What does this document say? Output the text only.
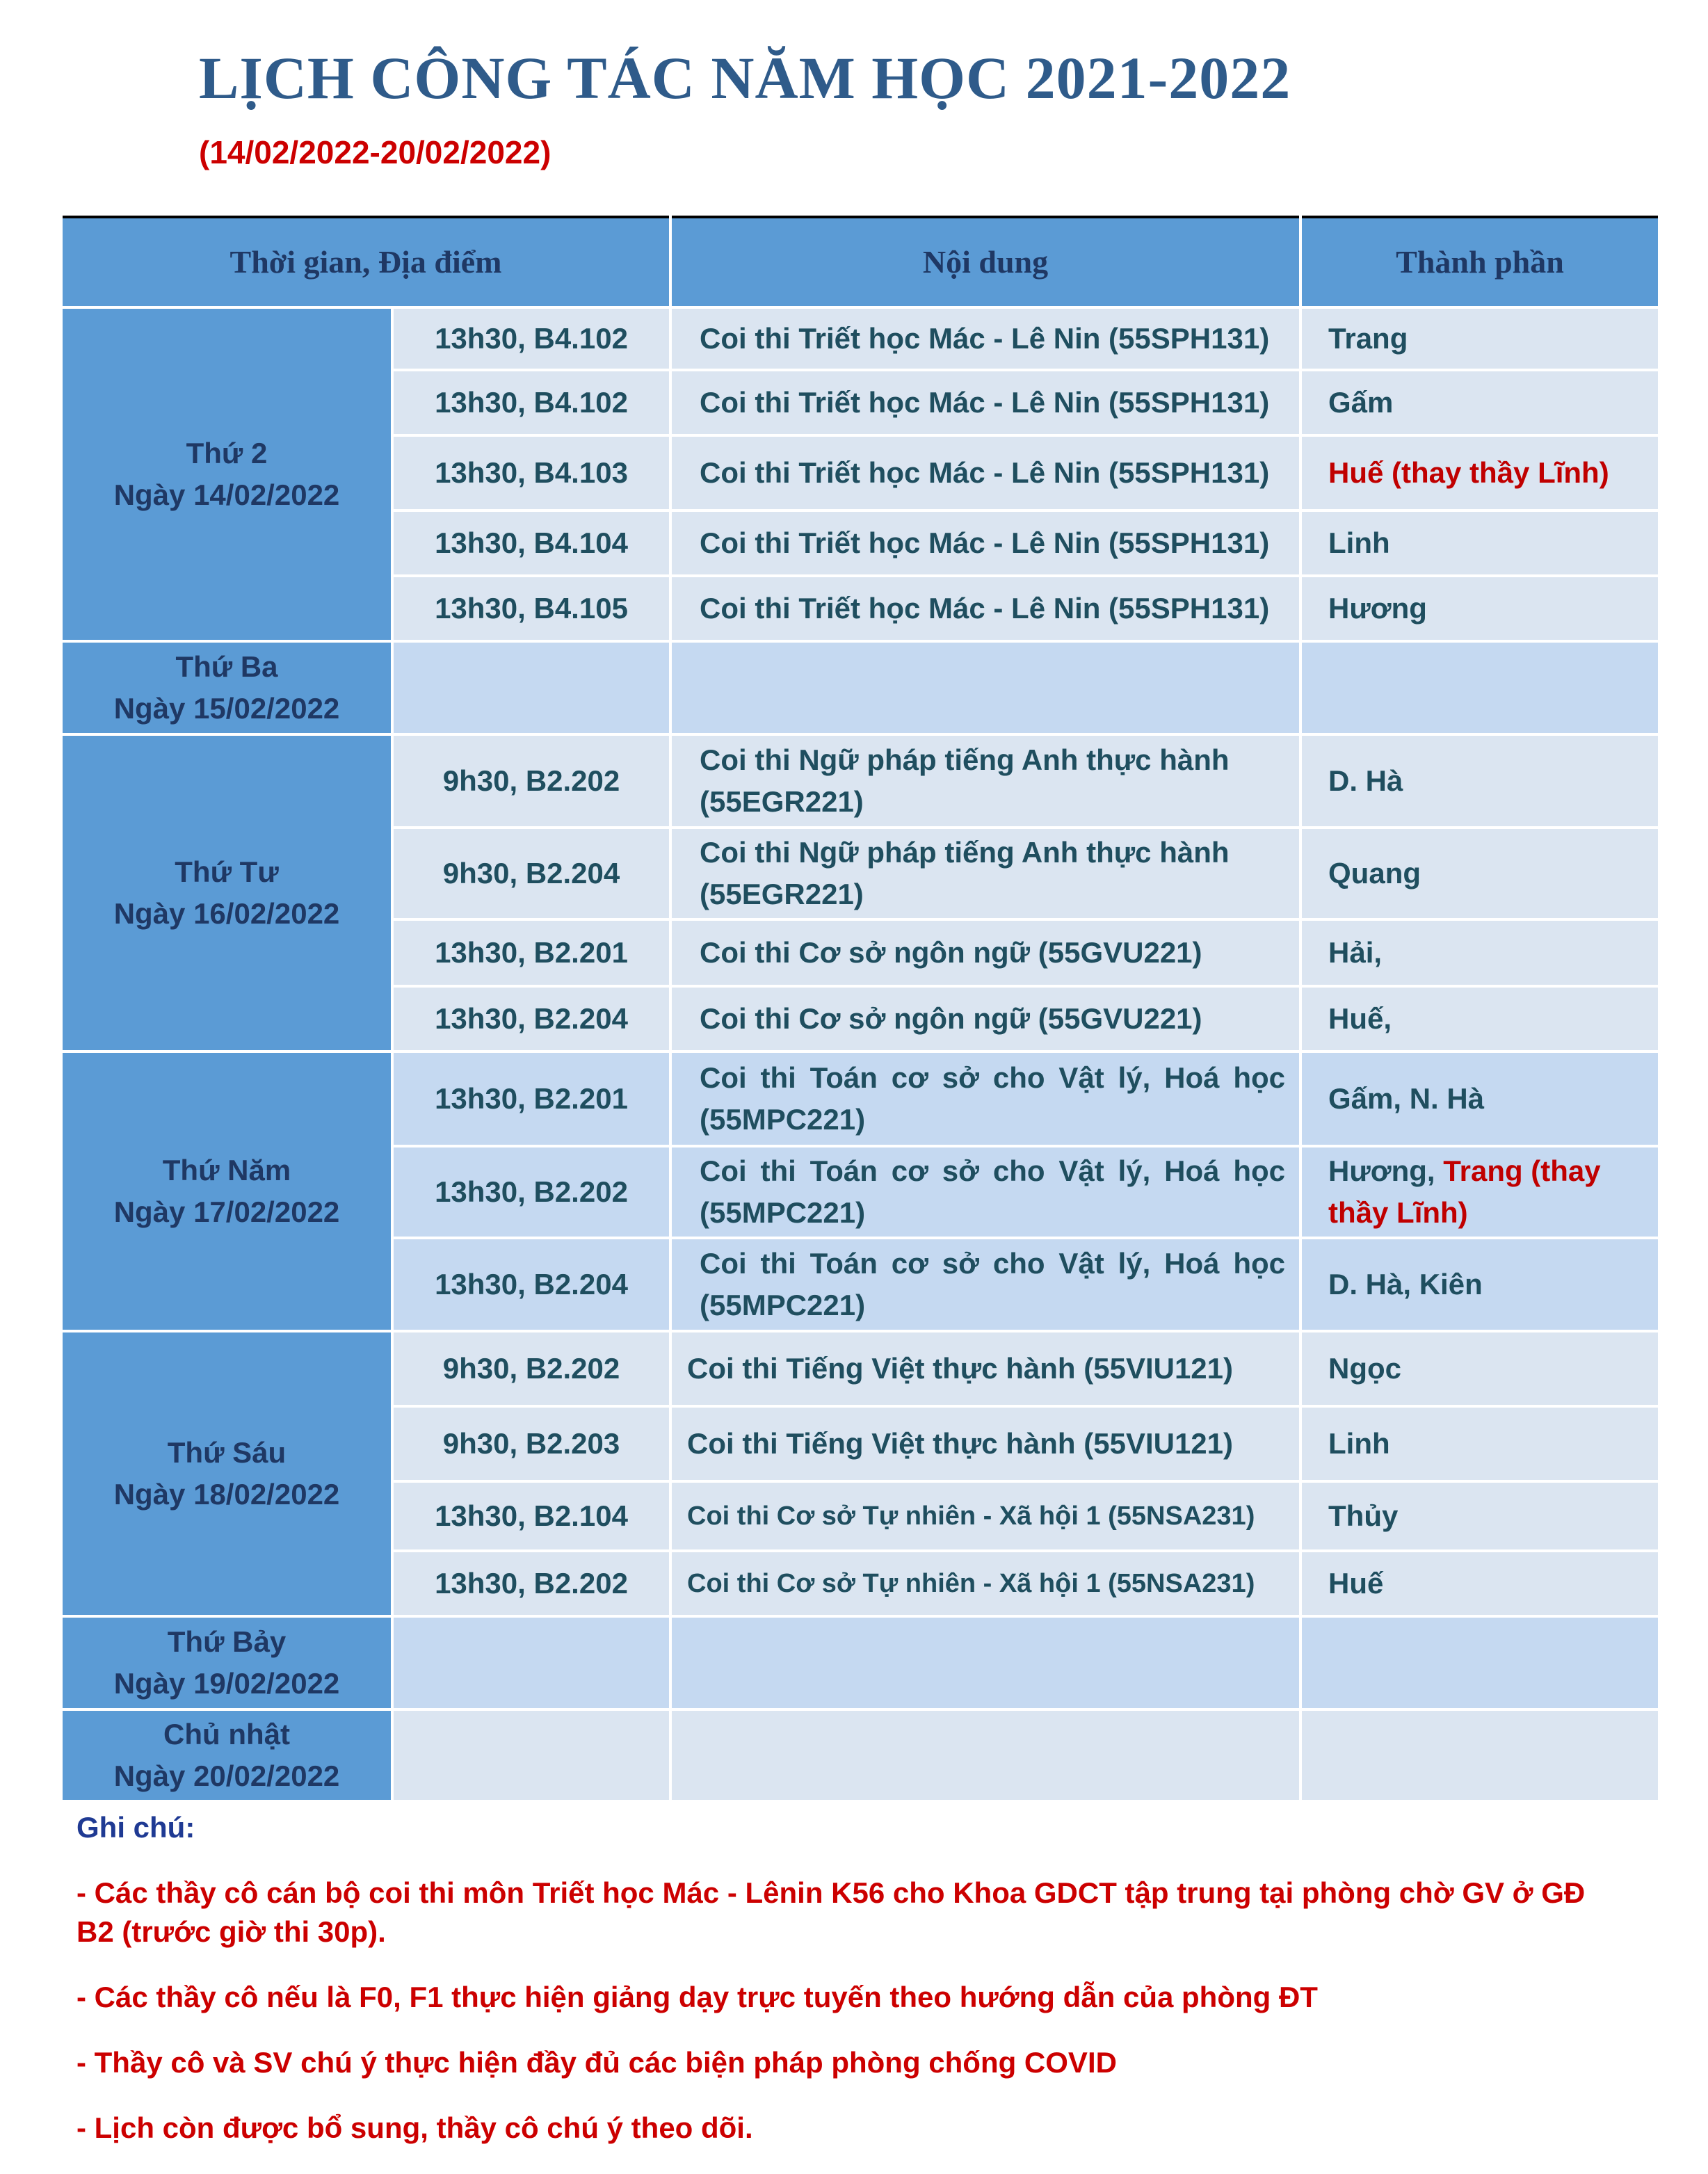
LỊCH CÔNG TÁC NĂM HỌC 2021-2022
(14/02/2022-20/02/2022)
Thời gian, Địa điểm		Nội dung	Thành phần
Thứ 2
Ngày 14/02/2022	13h30, B4.102	Coi thi Triết học Mác - Lê Nin (55SPH131)	Trang
	13h30, B4.102	Coi thi Triết học Mác - Lê Nin (55SPH131)	Gấm
	13h30, B4.103	Coi thi Triết học Mác - Lê Nin (55SPH131)	Huế (thay thầy Lĩnh)
	13h30, B4.104	Coi thi Triết học Mác - Lê Nin (55SPH131)	Linh
	13h30, B4.105	Coi thi Triết học Mác - Lê Nin (55SPH131)	Hương
Thứ Ba
Ngày 15/02/2022			
Thứ Tư
Ngày 16/02/2022	9h30, B2.202	Coi thi Ngữ pháp tiếng Anh thực hành (55EGR221)	D. Hà
	9h30, B2.204	Coi thi Ngữ pháp tiếng Anh thực hành (55EGR221)	Quang
	13h30, B2.201	Coi thi Cơ sở ngôn ngữ (55GVU221)	Hải,
	13h30, B2.204	Coi thi Cơ sở ngôn ngữ (55GVU221)	Huế,
Thứ Năm
Ngày 17/02/2022	13h30, B2.201	Coi thi Toán cơ sở cho Vật lý, Hoá học (55MPC221)	Gấm, N. Hà
	13h30, B2.202	Coi thi Toán cơ sở cho Vật lý, Hoá học (55MPC221)	Hương, Trang (thay thầy Lĩnh)
	13h30, B2.204	Coi thi Toán cơ sở cho Vật lý, Hoá học (55MPC221)	D. Hà, Kiên
Thứ Sáu
Ngày 18/02/2022	9h30, B2.202	Coi thi Tiếng Việt thực hành (55VIU121)	Ngọc
	9h30, B2.203	Coi thi Tiếng Việt thực hành (55VIU121)	Linh
	13h30, B2.104	Coi thi Cơ sở Tự nhiên - Xã hội 1 (55NSA231)	Thủy
	13h30, B2.202	Coi thi Cơ sở Tự nhiên - Xã hội 1 (55NSA231)	Huế
Thứ Bảy
Ngày 19/02/2022			
Chủ nhật
Ngày 20/02/2022			
Ghi chú:
- Các thầy cô cán bộ coi thi môn Triết học Mác - Lênin K56 cho Khoa GDCT tập trung tại phòng chờ GV ở GĐ B2 (trước giờ thi 30p).
- Các thầy cô nếu là F0, F1 thực hiện giảng dạy trực tuyến theo hướng dẫn của phòng ĐT
- Thầy cô và SV chú ý thực hiện đầy đủ các biện pháp phòng chống COVID
- Lịch còn được bổ sung, thầy cô chú ý theo dõi.
